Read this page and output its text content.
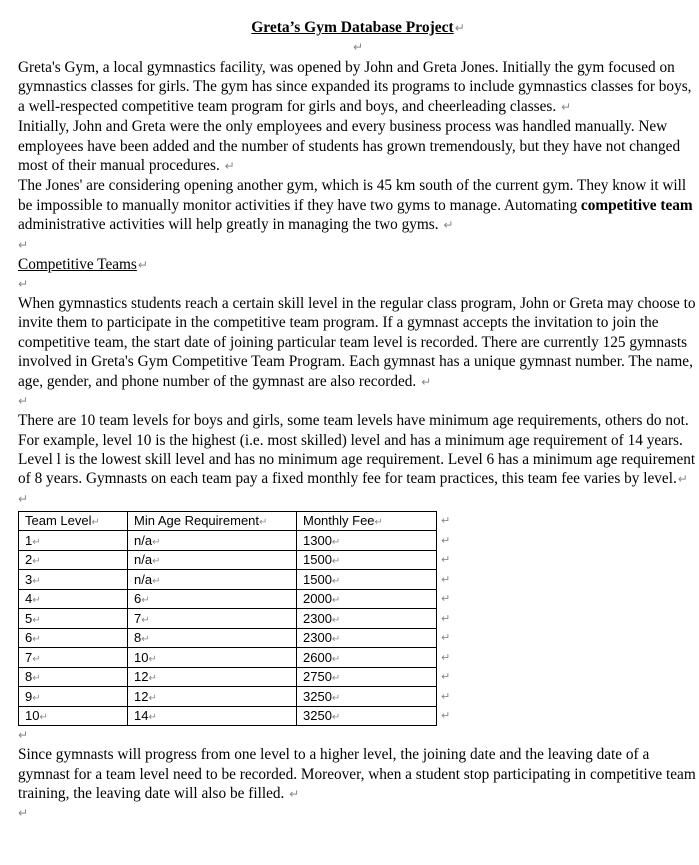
Greta’s Gym Database Project↵
↵

Greta's Gym, a local gymnastics facility, was opened by John and Greta Jones. Initially the gym focused on gymnastics classes for girls. The gym has since expanded its programs to include gymnastics classes for boys, a well-respected competitive team program for girls and boys, and cheerleading classes. ↵

Initially, John and Greta were the only employees and every business process was handled manually. New employees have been added and the number of students has grown tremendously, but they have not changed most of their manual procedures. ↵

The Jones' are considering opening another gym, which is 45 km south of the current gym. They know it will be impossible to manually monitor activities if they have two gyms to manage. Automating competitive team administrative activities will help greatly in managing the two gyms. ↵

↵

Competitive Teams↵

↵

When gymnastics students reach a certain skill level in the regular class program, John or Greta may choose to invite them to participate in the competitive team program. If a gymnast accepts the invitation to join the competitive team, the start date of joining particular team level is recorded. There are currently 125 gymnasts involved in Greta's Gym Competitive Team Program. Each gymnast has a unique gymnast number. The name, age, gender, and phone number of the gymnast are also recorded. ↵

↵

There are 10 team levels for boys and girls, some team levels have minimum age requirements, others do not. For example, level 10 is the highest (i.e. most skilled) level and has a minimum age requirement of 14 years. Level l is the lowest skill level and has no minimum age requirement. Level 6 has a minimum age requirement of 8 years. Gymnasts on each team pay a fixed monthly fee for team practices, this team fee varies by level.↵

↵
Team Level↵	Min Age Requirement↵	Monthly Fee↵	↵
1↵	n/a↵	1300↵	↵
2↵	n/a↵	1500↵	↵
3↵	n/a↵	1500↵	↵
4↵	6↵	2000↵	↵
5↵	7↵	2300↵	↵
6↵	8↵	2300↵	↵
7↵	10↵	2600↵	↵
8↵	12↵	2750↵	↵
9↵	12↵	3250↵	↵
10↵	14↵	3250↵	↵
↵

Since gymnasts will progress from one level to a higher level, the joining date and the leaving date of a gymnast for a team level need to be recorded. Moreover, when a student stop participating in competitive team training, the leaving date will also be filled. ↵

↵
